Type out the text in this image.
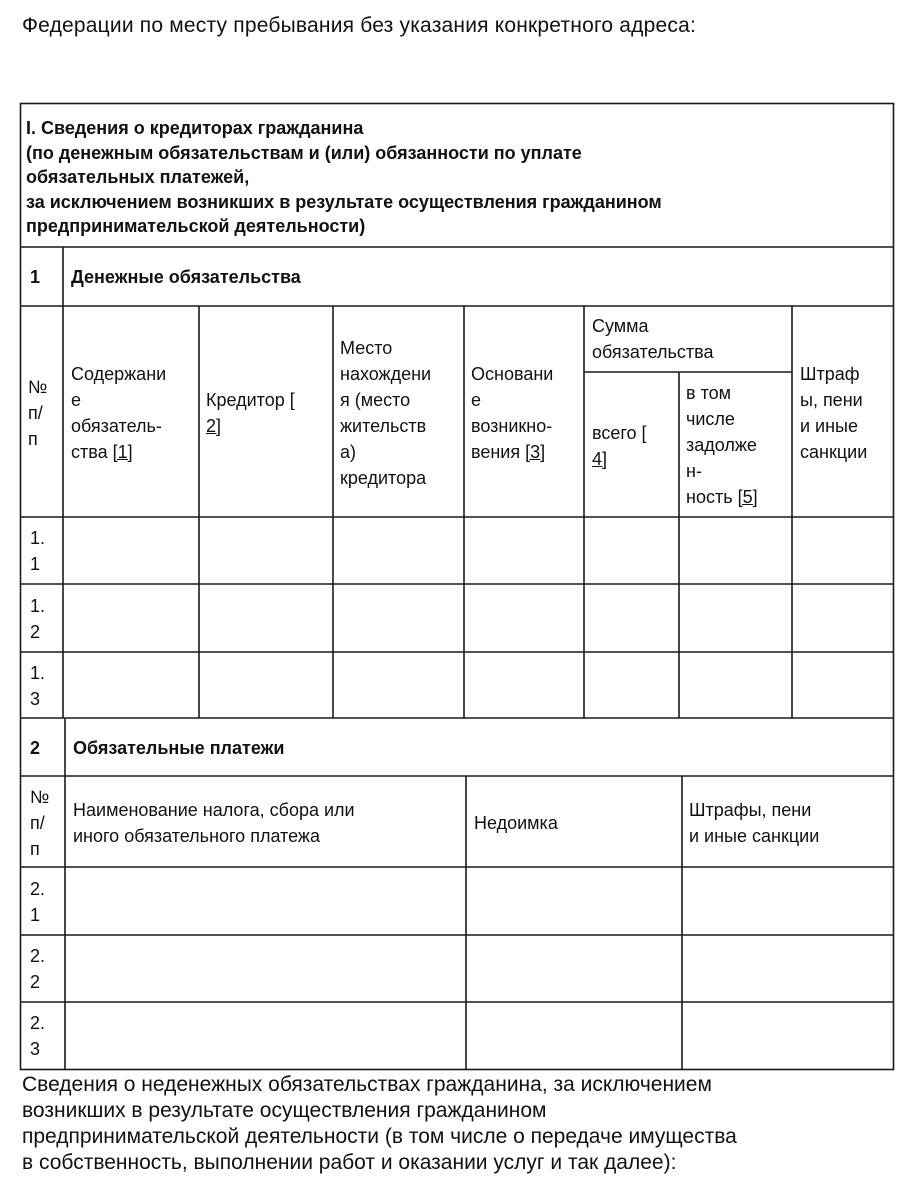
Федерации по месту пребывания без указания конкретного адреса:
I. Сведения о кредиторах гражданина
(по денежным обязательствам и (или) обязанности по уплате
обязательных платежей,
за исключением возникших в результате осуществления гражданином
предпринимательской деятельности)
1 Денежные обязательства
№
п/
п
Содержани
е
обязатель-
ства [1]
Кредитор [
2]
Место
нахождени
я (место
жительств
а)
кредитора
Основани
е
возникно-
вения [3]
Сумма
обязательства
всего [
4]
в том
числе
задолже
н-
ность [5]
Штраф
ы, пени
и иные
санкции
1.
1
1.
2
1.
3
2 Обязательные платежи
№
п/
п
Наименование налога, сбора или
иного обязательного платежа
Недоимка
Штрафы, пени
и иные санкции
2.
1
2.
2
2.
3
Сведения о неденежных обязательствах гражданина, за исключением
возникших в результате осуществления гражданином
предпринимательской деятельности (в том числе о передаче имущества
в собственность, выполнении работ и оказании услуг и так далее):
